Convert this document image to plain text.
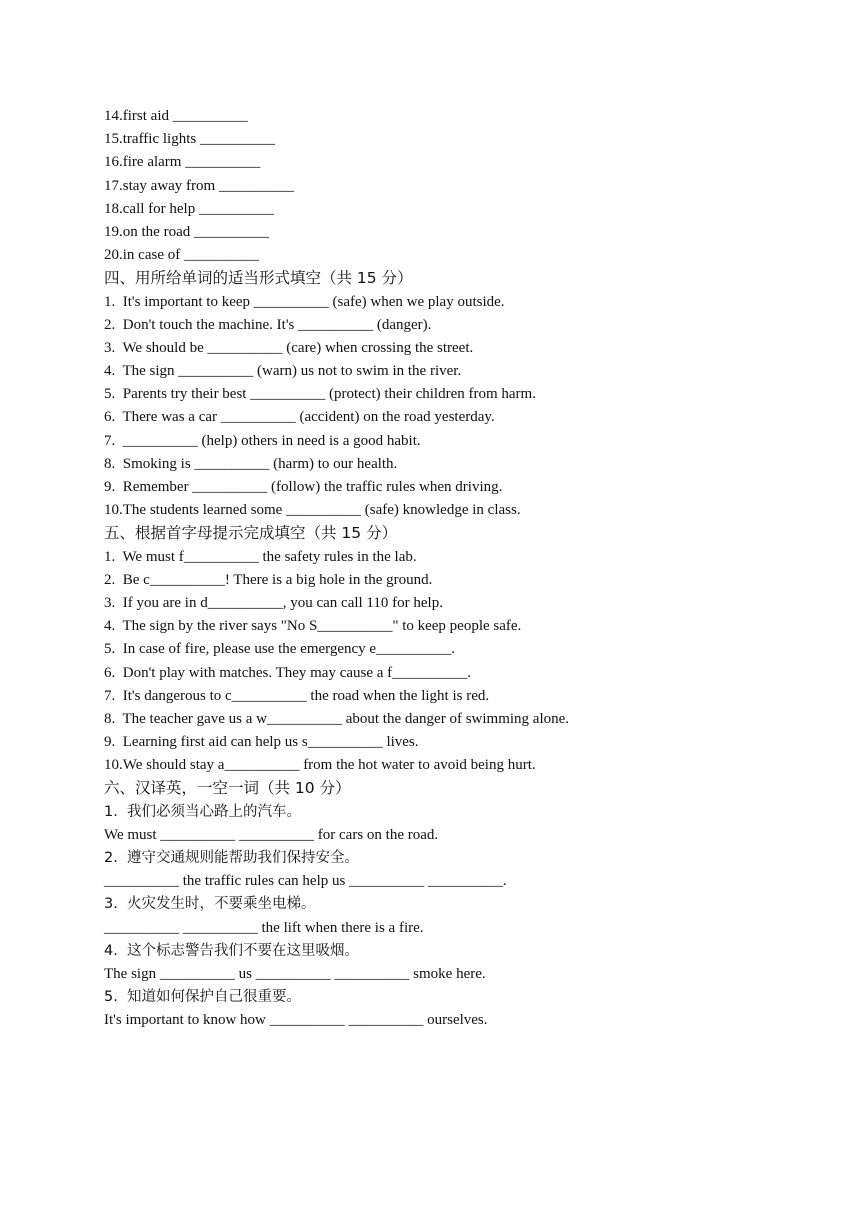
14.first aid __________
15.traffic lights __________
16.fire alarm __________
17.stay away from __________
18.call for help __________
19.on the road __________
20.in case of __________
四、用所给单词的适当形式填空（共 15 分）
1.  It's important to keep __________ (safe) when we play outside.
2.  Don't touch the machine. It's __________ (danger).
3.  We should be __________ (care) when crossing the street.
4.  The sign __________ (warn) us not to swim in the river.
5.  Parents try their best __________ (protect) their children from harm.
6.  There was a car __________ (accident) on the road yesterday.
7.  __________ (help) others in need is a good habit.
8.  Smoking is __________ (harm) to our health.
9.  Remember __________ (follow) the traffic rules when driving.
10.The students learned some __________ (safe) knowledge in class.
五、根据首字母提示完成填空（共 15 分）
1.  We must f__________ the safety rules in the lab.
2.  Be c__________! There is a big hole in the ground.
3.  If you are in d__________, you can call 110 for help.
4.  The sign by the river says "No S__________" to keep people safe.
5.  In case of fire, please use the emergency e__________.
6.  Don't play with matches. They may cause a f__________.
7.  It's dangerous to c__________ the road when the light is red.
8.  The teacher gave us a w__________ about the danger of swimming alone.
9.  Learning first aid can help us s__________ lives.
10.We should stay a__________ from the hot water to avoid being hurt.
六、汉译英，一空一词（共 10 分）
1.  我们必须当心路上的汽车。
We must __________ __________ for cars on the road.
2.  遵守交通规则能帮助我们保持安全。
__________ the traffic rules can help us __________ __________.
3.  火灾发生时，不要乘坐电梯。
__________ __________ the lift when there is a fire.
4.  这个标志警告我们不要在这里吸烟。
The sign __________ us __________ __________ smoke here.
5.  知道如何保护自己很重要。
It's important to know how __________ __________ ourselves.
